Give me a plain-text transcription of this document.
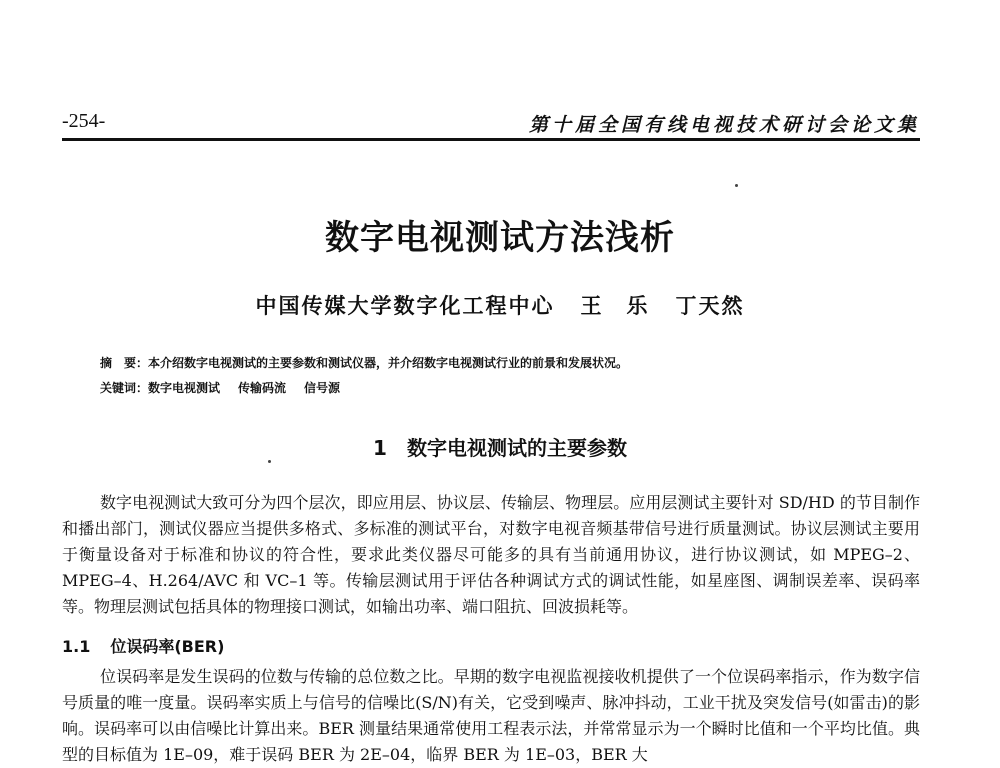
-254-	第十届全国有线电视技术研讨会论文集
数字电视测试方法浅析
中国传媒大学数字化工程中心 王　乐 丁天然
摘　要：本介绍数字电视测试的主要参数和测试仪器，并介绍数字电视测试行业的前景和发展状况。
关键词：数字电视测试 传输码流 信号源
1 数字电视测试的主要参数
数字电视测试大致可分为四个层次，即应用层、协议层、传输层、物理层。应用层测试主要针对 SD/HD 的节目制作和播出部门，测试仪器应当提供多格式、多标准的测试平台，对数字电视音频基带信号进行质量测试。协议层测试主要用于衡量设备对于标准和协议的符合性，要求此类仪器尽可能多的具有当前通用协议，进行协议测试，如 MPEG–2、MPEG–4、H.264/AVC 和 VC–1 等。传输层测试用于评估各种调试方式的调试性能，如星座图、调制误差率、误码率等。物理层测试包括具体的物理接口测试，如输出功率、端口阻抗、回波损耗等。
1.1 位误码率(BER)
位误码率是发生误码的位数与传输的总位数之比。早期的数字电视监视接收机提供了一个位误码率指示，作为数字信号质量的唯一度量。误码率实质上与信号的信噪比(S/N)有关，它受到噪声、脉冲抖动，工业干扰及突发信号(如雷击)的影响。误码率可以由信噪比计算出来。BER 测量结果通常使用工程表示法，并常常显示为一个瞬时比值和一个平均比值。典型的目标值为 1E–09，难于误码 BER 为 2E–04，临界 BER 为 1E–03，BER 大
